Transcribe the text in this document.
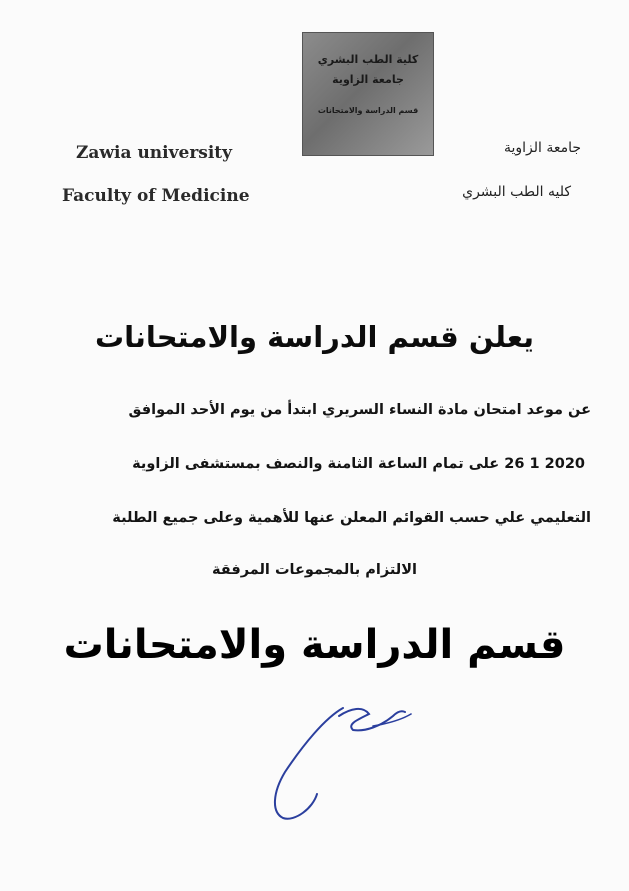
كلية الطب البشري
جامعة الزاوية
قسم الدراسة والامتحانات
Zawia university
Faculty of Medicine
جامعة الزاوية
كليه الطب البشري
يعلن قسم الدراسة والامتحانات
عن موعد امتحان مادة النساء السريري ابتدأ من يوم الأحد الموافق
2020 1 26 على تمام الساعة الثامنة والنصف بمستشفى الزاوية
التعليمي علي حسب القوائم المعلن عنها للأهمية وعلى جميع الطلبة
الالتزام بالمجموعات المرفقة
قسم الدراسة والامتحانات
